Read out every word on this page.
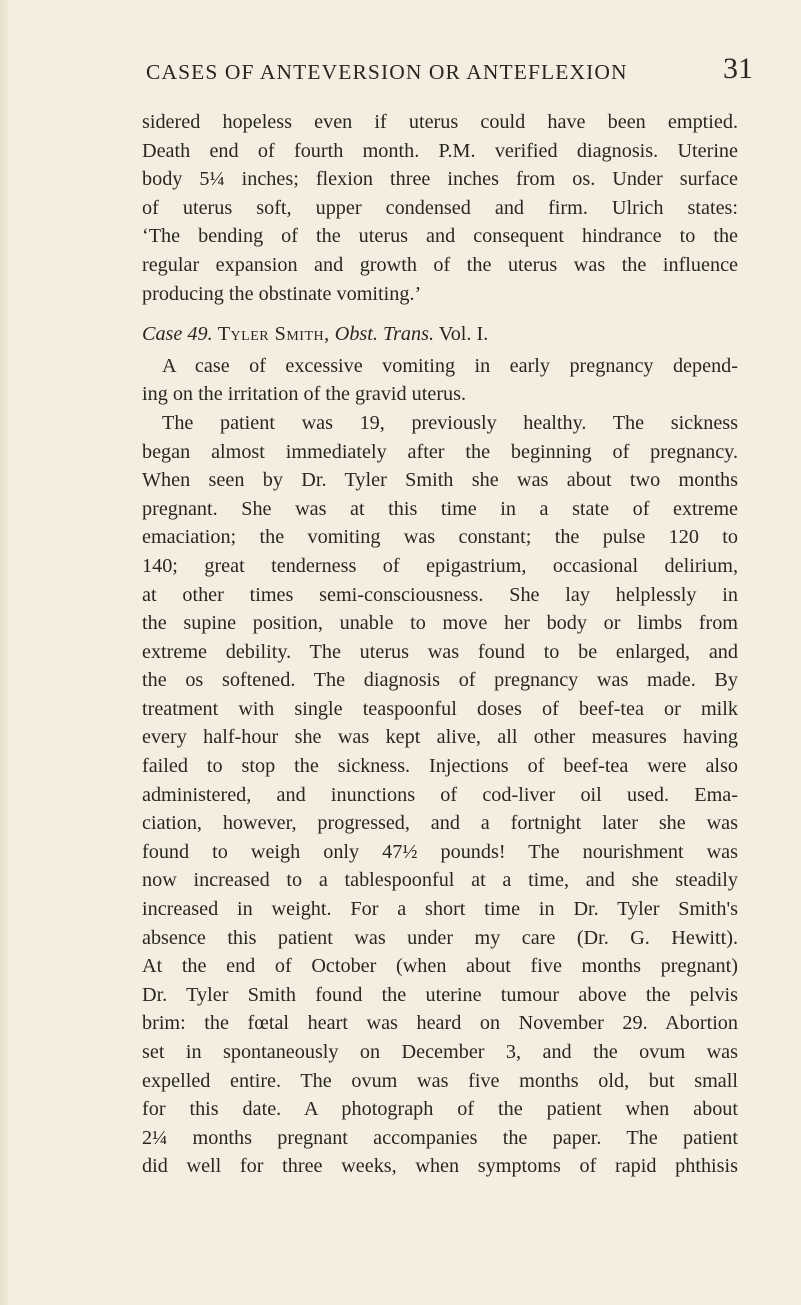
CASES OF ANTEVERSION OR ANTEFLEXION	31
sidered hopeless even if uterus could have been emptied.
Death end of fourth month. P.M. verified diagnosis. Uterine
body 5¼ inches; flexion three inches from os. Under surface
of uterus soft, upper condensed and firm. Ulrich states:
‘The bending of the uterus and consequent hindrance to the
regular expansion and growth of the uterus was the influence
producing the obstinate vomiting.’
Case 49. Tyler Smith, Obst. Trans. Vol. I.
A case of excessive vomiting in early pregnancy depend-
ing on the irritation of the gravid uterus.
The patient was 19, previously healthy. The sickness
began almost immediately after the beginning of pregnancy.
When seen by Dr. Tyler Smith she was about two months
pregnant. She was at this time in a state of extreme
emaciation; the vomiting was constant; the pulse 120 to
140; great tenderness of epigastrium, occasional delirium,
at other times semi-consciousness. She lay helplessly in
the supine position, unable to move her body or limbs from
extreme debility. The uterus was found to be enlarged, and
the os softened. The diagnosis of pregnancy was made. By
treatment with single teaspoonful doses of beef-tea or milk
every half-hour she was kept alive, all other measures having
failed to stop the sickness. Injections of beef-tea were also
administered, and inunctions of cod-liver oil used. Ema-
ciation, however, progressed, and a fortnight later she was
found to weigh only 47½ pounds! The nourishment was
now increased to a tablespoonful at a time, and she steadily
increased in weight. For a short time in Dr. Tyler Smith's
absence this patient was under my care (Dr. G. Hewitt).
At the end of October (when about five months pregnant)
Dr. Tyler Smith found the uterine tumour above the pelvis
brim: the fœtal heart was heard on November 29. Abortion
set in spontaneously on December 3, and the ovum was
expelled entire. The ovum was five months old, but small
for this date. A photograph of the patient when about
2¼ months pregnant accompanies the paper. The patient
did well for three weeks, when symptoms of rapid phthisis
